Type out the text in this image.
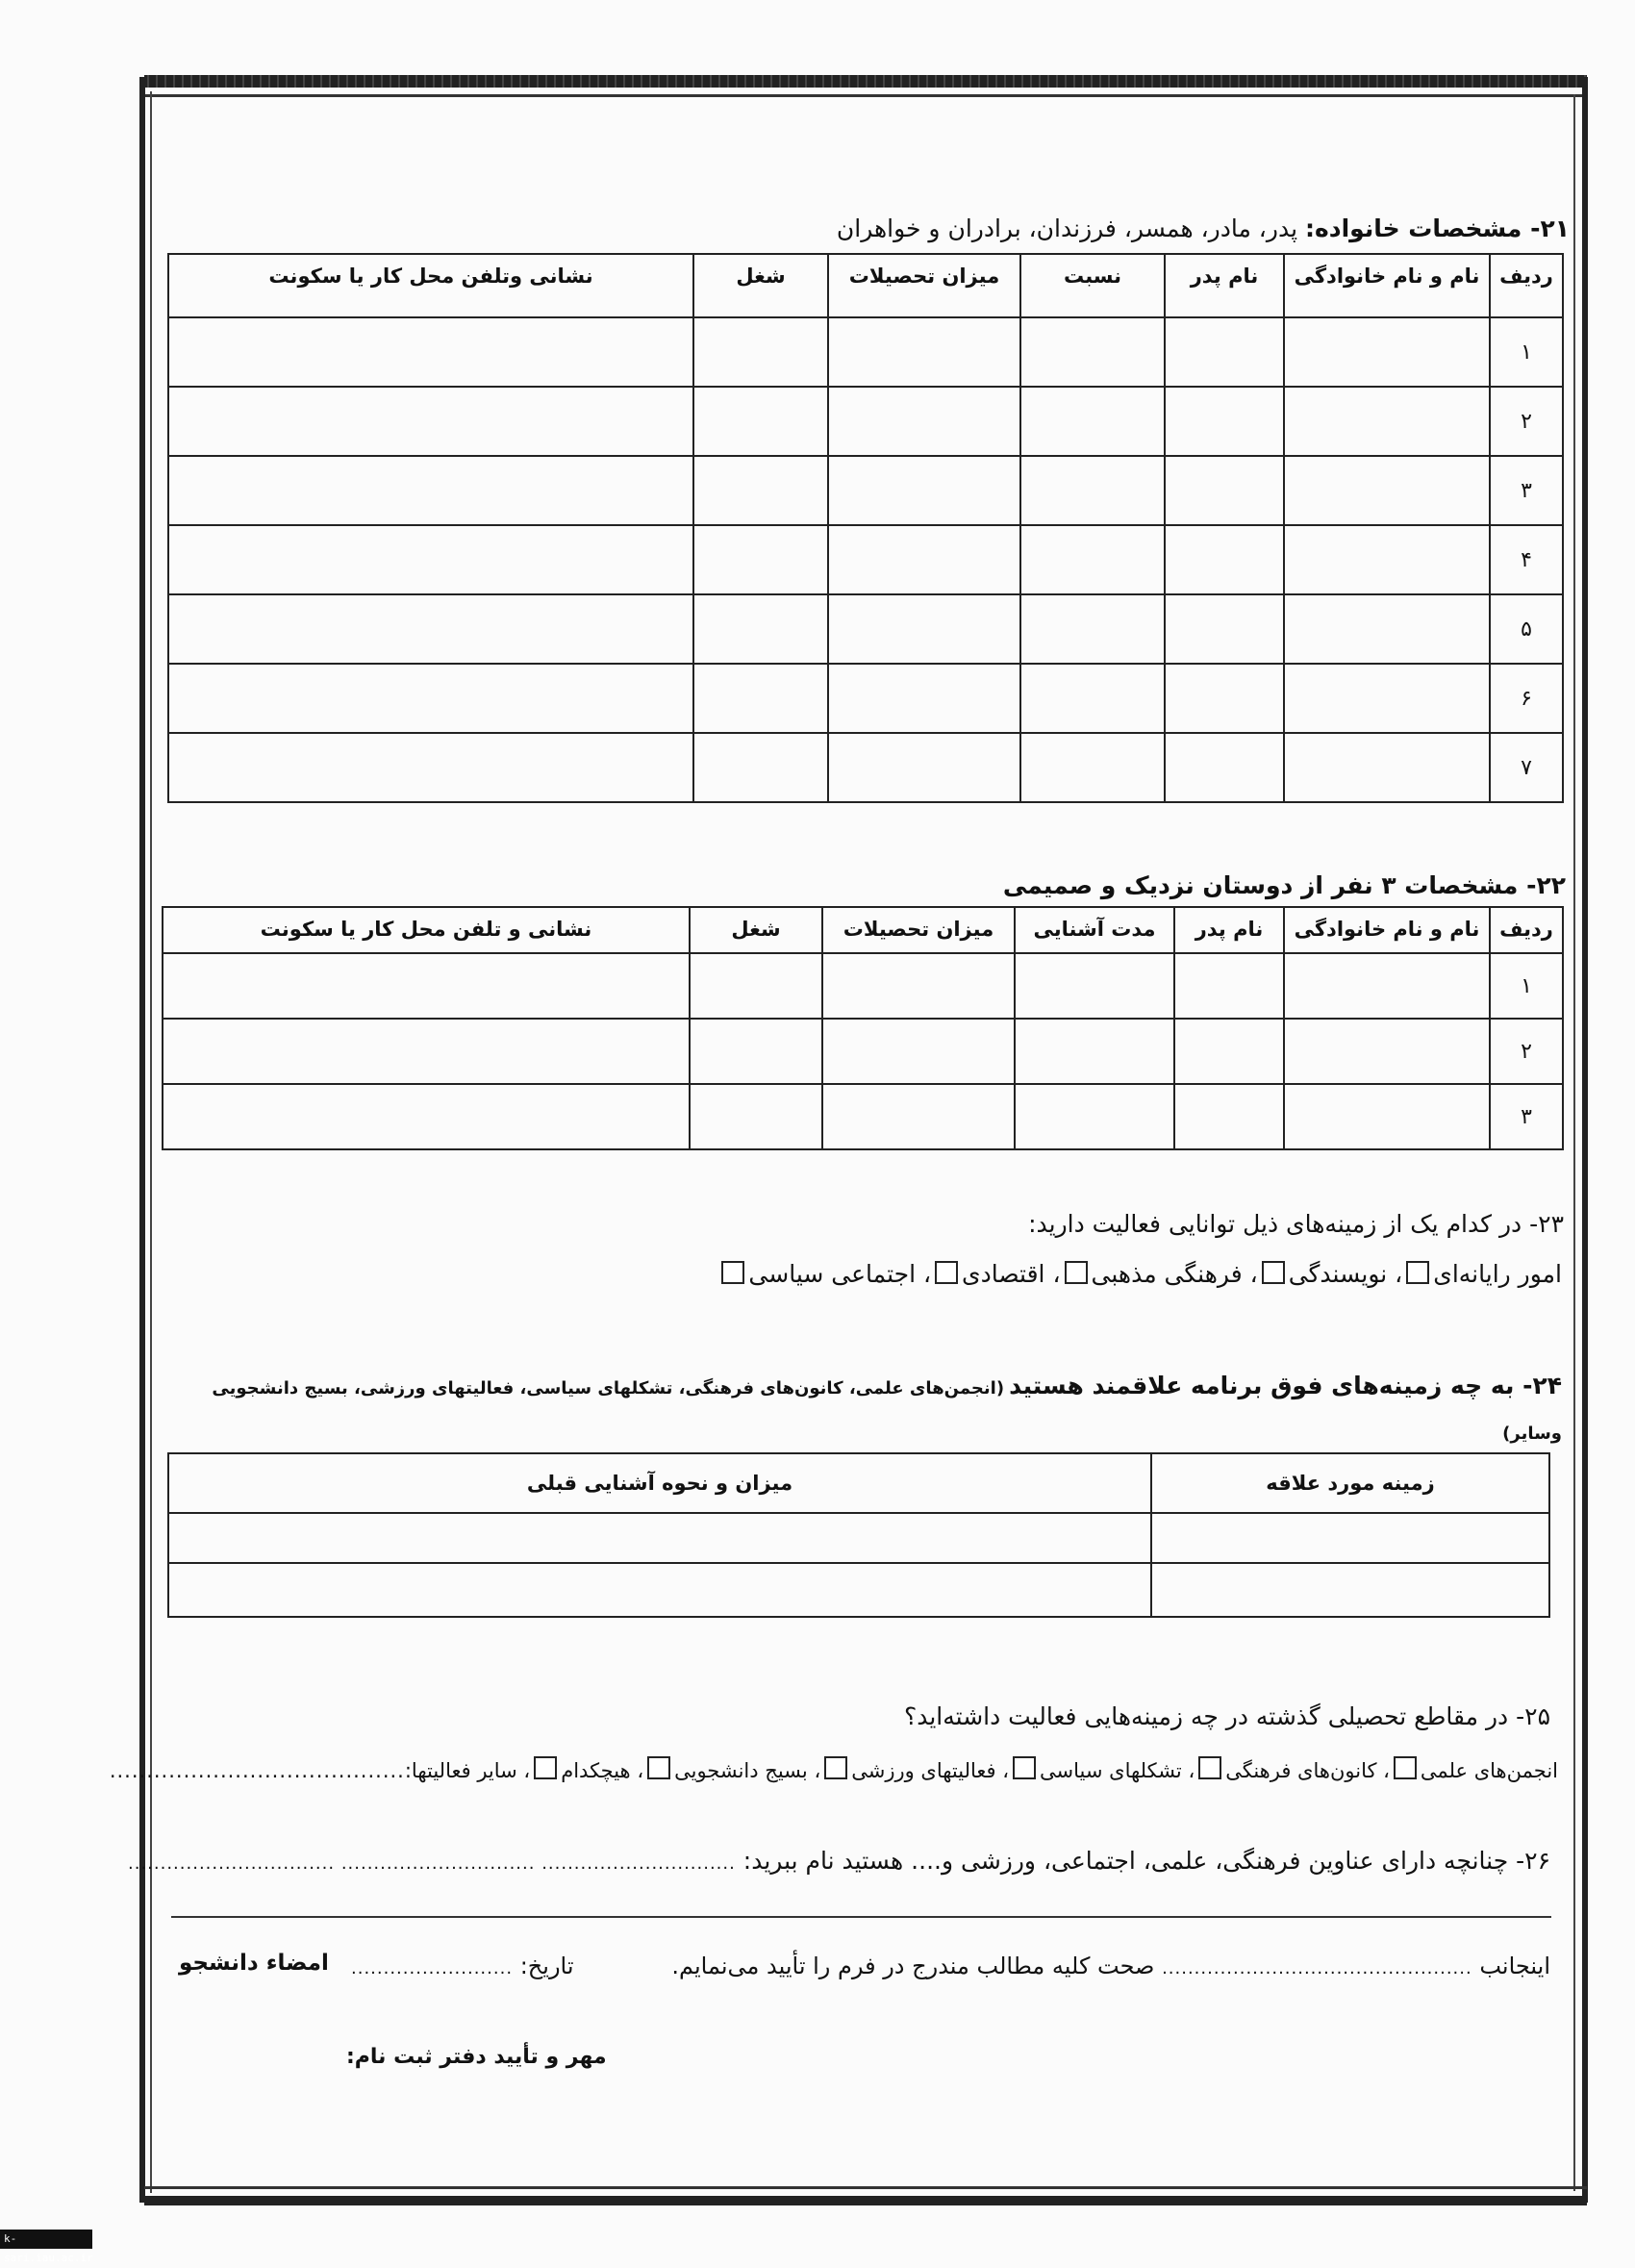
۲۱- مشخصات خانواده: پدر، مادر، همسر، فرزندان، برادران و خواهران
ردیف	نام و نام خانوادگی	نام پدر	نسبت	میزان تحصیلات	شغل	نشانی وتلفن محل کار یا سکونت
۱						
۲						
۳						
۴						
۵						
۶						
۷						
۲۲- مشخصات ۳ نفر از دوستان نزدیک و صمیمی
ردیف	نام و نام خانوادگی	نام پدر	مدت آشنایی	میزان تحصیلات	شغل	نشانی و تلفن محل کار یا سکونت
۱						
۲						
۳						
۲۳- در کدام یک از زمینه‌های ذیل توانایی فعالیت دارید:
امور رایانه‌ای، نویسندگی، فرهنگی مذهبی، اقتصادی، اجتماعی سیاسی
۲۴- به چه زمینه‌های فوق برنامه علاقمند هستید (انجمن‌های علمی، کانون‌های فرهنگی، تشکلهای سیاسی، فعالیتهای ورزشی، بسیج دانشجویی
وسایر)
زمینه مورد علاقه	میزان و نحوه آشنایی قبلی

۲۵- در مقاطع تحصیلی گذشته در چه زمینه‌هایی فعالیت داشته‌اید؟
انجمن‌های علمی، کانون‌های فرهنگی، تشکلهای سیاسی، فعالیتهای ورزشی، بسیج دانشجویی، هیچکدام، سایر فعالیتها:........................................
۲۶- چنانچه دارای عناوین فرهنگی، علمی، اجتماعی، ورزشی و.... هستید نام ببرید: .............................. .............................. ................................
اینجانب ................................................ صحت کلیه مطالب مندرج در فرم را تأیید می‌نمایم.
تاریخ: .........................
امضاء دانشجو
مهر و تأیید دفتر ثبت نام:
k-sari.iau.ac.ir
